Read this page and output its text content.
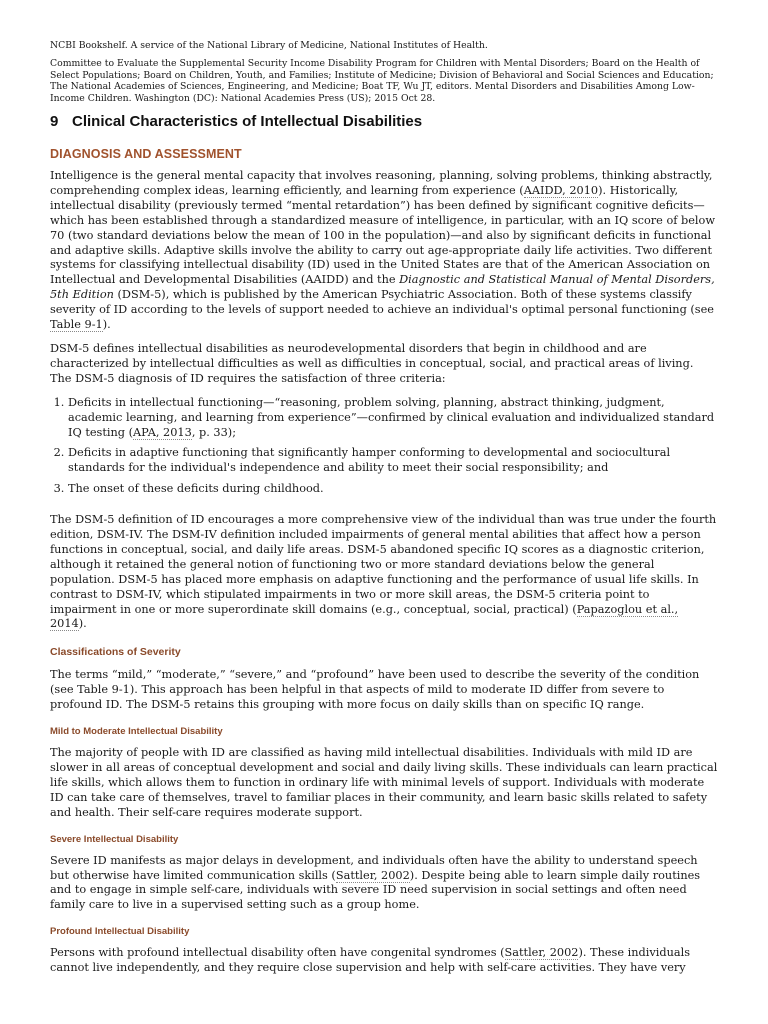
NCBI Bookshelf. A service of the National Library of Medicine, National Institutes of Health.

Committee to Evaluate the Supplemental Security Income Disability Program for Children with Mental Disorders; Board on the Health of Select Populations; Board on Children, Youth, and Families; Institute of Medicine; Division of Behavioral and Social Sciences and Education; The National Academies of Sciences, Engineering, and Medicine; Boat TF, Wu JT, editors. Mental Disorders and Disabilities Among Low-Income Children. Washington (DC): National Academies Press (US); 2015 Oct 28.

9 Clinical Characteristics of Intellectual Disabilities
DIAGNOSIS AND ASSESSMENT

Intelligence is the general mental capacity that involves reasoning, planning, solving problems, thinking abstractly, comprehending complex ideas, learning efficiently, and learning from experience (AAIDD, 2010). Historically, intellectual disability (previously termed “mental retardation”) has been defined by significant cognitive deficits—which has been established through a standardized measure of intelligence, in particular, with an IQ score of below 70 (two standard deviations below the mean of 100 in the population)—and also by significant deficits in functional and adaptive skills. Adaptive skills involve the ability to carry out age-appropriate daily life activities. Two different systems for classifying intellectual disability (ID) used in the United States are that of the American Association on Intellectual and Developmental Disabilities (AAIDD) and the Diagnostic and Statistical Manual of Mental Disorders, 5th Edition (DSM-5), which is published by the American Psychiatric Association. Both of these systems classify severity of ID according to the levels of support needed to achieve an individual's optimal personal functioning (see Table 9-1).

DSM-5 defines intellectual disabilities as neurodevelopmental disorders that begin in childhood and are characterized by intellectual difficulties as well as difficulties in conceptual, social, and practical areas of living. The DSM-5 diagnosis of ID requires the satisfaction of three criteria:

1. Deficits in intellectual functioning—“reasoning, problem solving, planning, abstract thinking, judgment, academic learning, and learning from experience”—confirmed by clinical evaluation and individualized standard IQ testing (APA, 2013, p. 33);
2. Deficits in adaptive functioning that significantly hamper conforming to developmental and sociocultural standards for the individual's independence and ability to meet their social responsibility; and
3. The onset of these deficits during childhood.

The DSM-5 definition of ID encourages a more comprehensive view of the individual than was true under the fourth edition, DSM-IV. The DSM-IV definition included impairments of general mental abilities that affect how a person functions in conceptual, social, and daily life areas. DSM-5 abandoned specific IQ scores as a diagnostic criterion, although it retained the general notion of functioning two or more standard deviations below the general population. DSM-5 has placed more emphasis on adaptive functioning and the performance of usual life skills. In contrast to DSM-IV, which stipulated impairments in two or more skill areas, the DSM-5 criteria point to impairment in one or more superordinate skill domains (e.g., conceptual, social, practical) (Papazoglou et al., 2014).

Classifications of Severity

The terms “mild,” “moderate,” “severe,” and “profound” have been used to describe the severity of the condition (see Table 9-1). This approach has been helpful in that aspects of mild to moderate ID differ from severe to profound ID. The DSM-5 retains this grouping with more focus on daily skills than on specific IQ range.

Mild to Moderate Intellectual Disability

The majority of people with ID are classified as having mild intellectual disabilities. Individuals with mild ID are slower in all areas of conceptual development and social and daily living skills. These individuals can learn practical life skills, which allows them to function in ordinary life with minimal levels of support. Individuals with moderate ID can take care of themselves, travel to familiar places in their community, and learn basic skills related to safety and health. Their self-care requires moderate support.

Severe Intellectual Disability

Severe ID manifests as major delays in development, and individuals often have the ability to understand speech but otherwise have limited communication skills (Sattler, 2002). Despite being able to learn simple daily routines and to engage in simple self-care, individuals with severe ID need supervision in social settings and often need family care to live in a supervised setting such as a group home.

Profound Intellectual Disability

Persons with profound intellectual disability often have congenital syndromes (Sattler, 2002). These individuals cannot live independently, and they require close supervision and help with self-care activities. They have very
